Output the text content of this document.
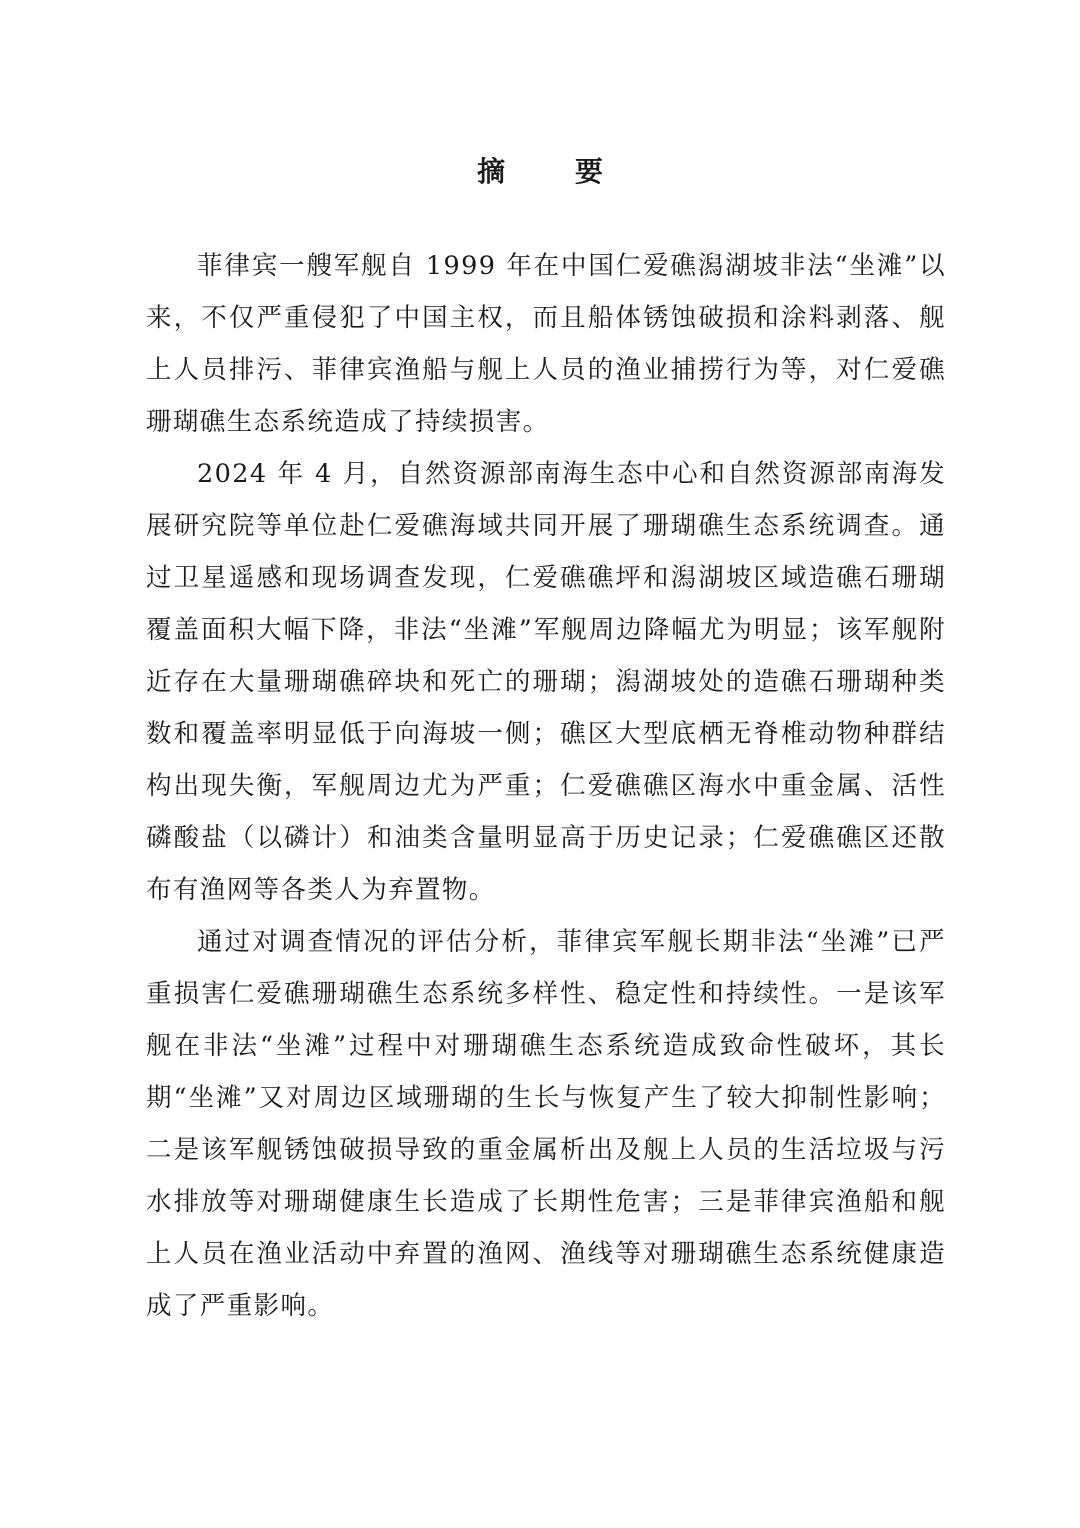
摘 要

菲律宾一艘军舰自 1999 年在中国仁爱礁潟湖坡非法“坐滩”以来，不仅严重侵犯了中国主权，而且船体锈蚀破损和涂料剥落、舰上人员排污、菲律宾渔船与舰上人员的渔业捕捞行为等，对仁爱礁珊瑚礁生态系统造成了持续损害。

2024 年 4 月，自然资源部南海生态中心和自然资源部南海发展研究院等单位赴仁爱礁海域共同开展了珊瑚礁生态系统调查。通过卫星遥感和现场调查发现，仁爱礁礁坪和潟湖坡区域造礁石珊瑚覆盖面积大幅下降，非法“坐滩”军舰周边降幅尤为明显；该军舰附近存在大量珊瑚礁碎块和死亡的珊瑚；潟湖坡处的造礁石珊瑚种类数和覆盖率明显低于向海坡一侧；礁区大型底栖无脊椎动物种群结构出现失衡，军舰周边尤为严重；仁爱礁礁区海水中重金属、活性磷酸盐（以磷计）和油类含量明显高于历史记录；仁爱礁礁区还散布有渔网等各类人为弃置物。

通过对调查情况的评估分析，菲律宾军舰长期非法“坐滩”已严重损害仁爱礁珊瑚礁生态系统多样性、稳定性和持续性。一是该军舰在非法“坐滩”过程中对珊瑚礁生态系统造成致命性破坏，其长期“坐滩”又对周边区域珊瑚的生长与恢复产生了较大抑制性影响；二是该军舰锈蚀破损导致的重金属析出及舰上人员的生活垃圾与污水排放等对珊瑚健康生长造成了长期性危害；三是菲律宾渔船和舰上人员在渔业活动中弃置的渔网、渔线等对珊瑚礁生态系统健康造成了严重影响。
